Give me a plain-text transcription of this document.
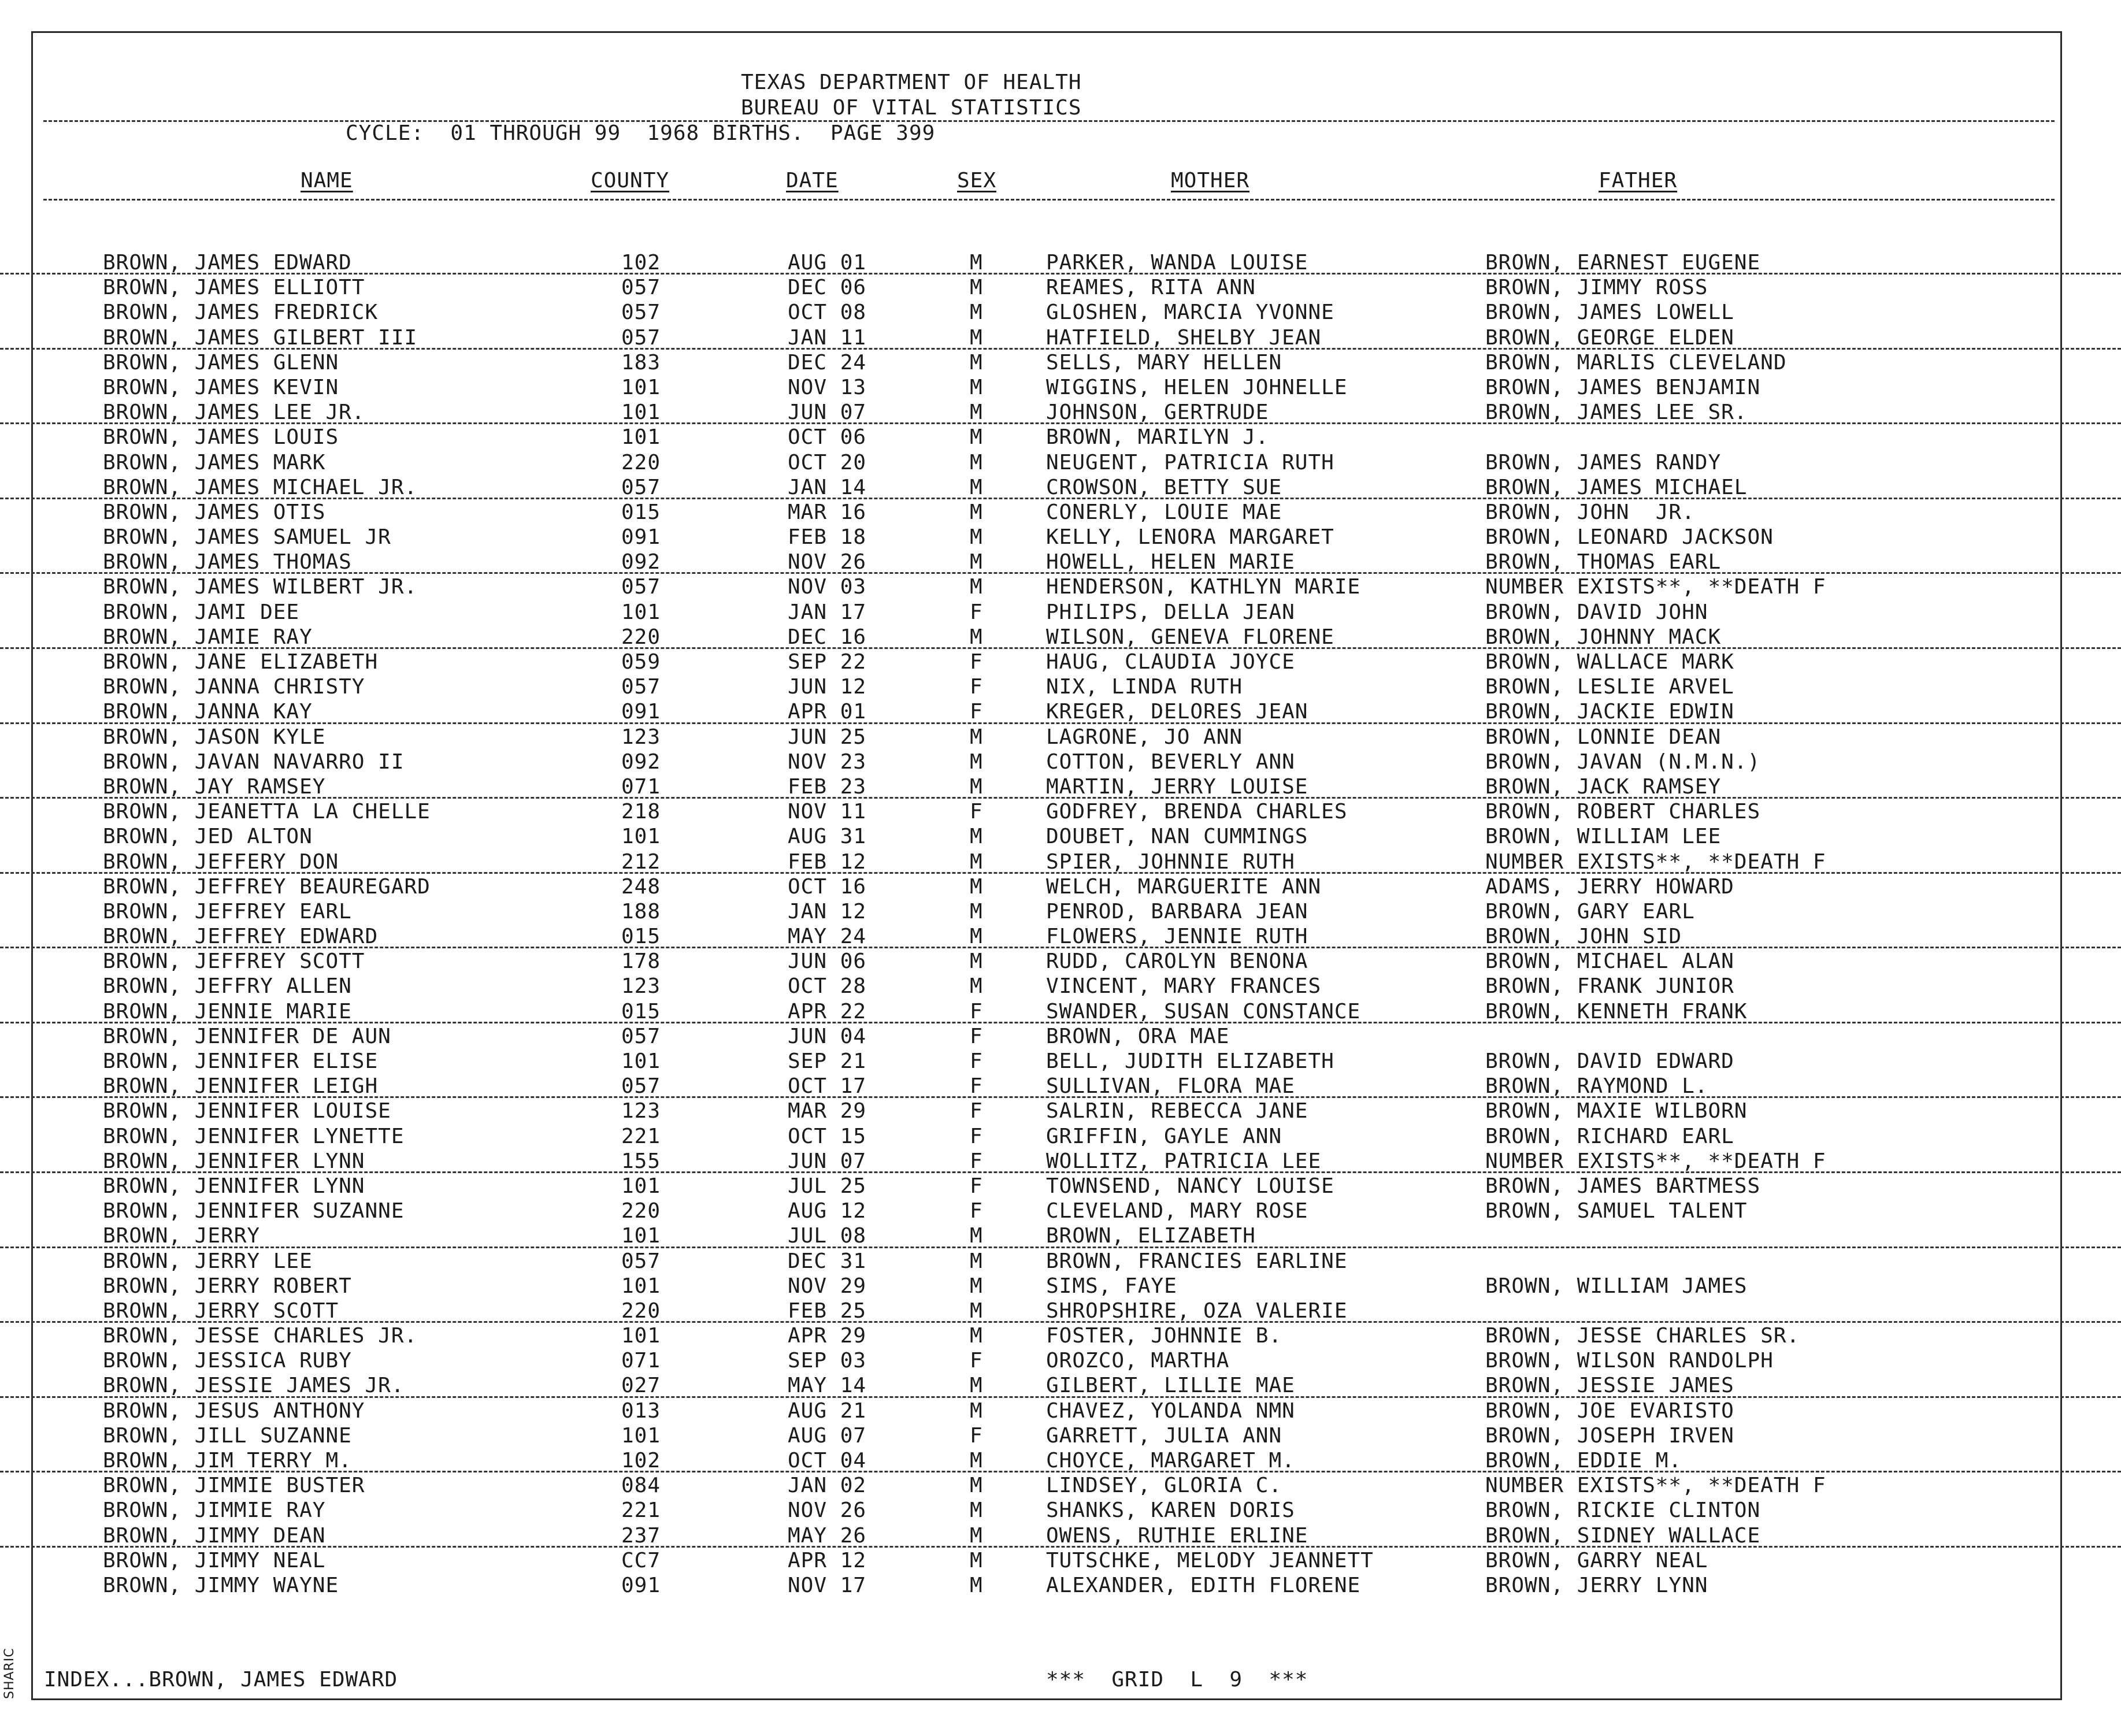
TEXAS DEPARTMENT OF HEALTH
BUREAU OF VITAL STATISTICS
CYCLE:  01 THROUGH 99  1968 BIRTHS.  PAGE 399
NAME	COUNTY	DATE	SEX	MOTHER	FATHER
BROWN, JAMES EDWARD	102	AUG 01	M	PARKER, WANDA LOUISE	BROWN, EARNEST EUGENE
BROWN, JAMES ELLIOTT	057	DEC 06	M	REAMES, RITA ANN	BROWN, JIMMY ROSS
BROWN, JAMES FREDRICK	057	OCT 08	M	GLOSHEN, MARCIA YVONNE	BROWN, JAMES LOWELL
BROWN, JAMES GILBERT III	057	JAN 11	M	HATFIELD, SHELBY JEAN	BROWN, GEORGE ELDEN
BROWN, JAMES GLENN	183	DEC 24	M	SELLS, MARY HELLEN	BROWN, MARLIS CLEVELAND
BROWN, JAMES KEVIN	101	NOV 13	M	WIGGINS, HELEN JOHNELLE	BROWN, JAMES BENJAMIN
BROWN, JAMES LEE JR.	101	JUN 07	M	JOHNSON, GERTRUDE	BROWN, JAMES LEE SR.
BROWN, JAMES LOUIS	101	OCT 06	M	BROWN, MARILYN J.
BROWN, JAMES MARK	220	OCT 20	M	NEUGENT, PATRICIA RUTH	BROWN, JAMES RANDY
BROWN, JAMES MICHAEL JR.	057	JAN 14	M	CROWSON, BETTY SUE	BROWN, JAMES MICHAEL
BROWN, JAMES OTIS	015	MAR 16	M	CONERLY, LOUIE MAE	BROWN, JOHN  JR.
BROWN, JAMES SAMUEL JR	091	FEB 18	M	KELLY, LENORA MARGARET	BROWN, LEONARD JACKSON
BROWN, JAMES THOMAS	092	NOV 26	M	HOWELL, HELEN MARIE	BROWN, THOMAS EARL
BROWN, JAMES WILBERT JR.	057	NOV 03	M	HENDERSON, KATHLYN MARIE	NUMBER EXISTS**, **DEATH F
BROWN, JAMI DEE	101	JAN 17	F	PHILIPS, DELLA JEAN	BROWN, DAVID JOHN
BROWN, JAMIE RAY	220	DEC 16	M	WILSON, GENEVA FLORENE	BROWN, JOHNNY MACK
BROWN, JANE ELIZABETH	059	SEP 22	F	HAUG, CLAUDIA JOYCE	BROWN, WALLACE MARK
BROWN, JANNA CHRISTY	057	JUN 12	F	NIX, LINDA RUTH	BROWN, LESLIE ARVEL
BROWN, JANNA KAY	091	APR 01	F	KREGER, DELORES JEAN	BROWN, JACKIE EDWIN
BROWN, JASON KYLE	123	JUN 25	M	LAGRONE, JO ANN	BROWN, LONNIE DEAN
BROWN, JAVAN NAVARRO II	092	NOV 23	M	COTTON, BEVERLY ANN	BROWN, JAVAN (N.M.N.)
BROWN, JAY RAMSEY	071	FEB 23	M	MARTIN, JERRY LOUISE	BROWN, JACK RAMSEY
BROWN, JEANETTA LA CHELLE	218	NOV 11	F	GODFREY, BRENDA CHARLES	BROWN, ROBERT CHARLES
BROWN, JED ALTON	101	AUG 31	M	DOUBET, NAN CUMMINGS	BROWN, WILLIAM LEE
BROWN, JEFFERY DON	212	FEB 12	M	SPIER, JOHNNIE RUTH	NUMBER EXISTS**, **DEATH F
BROWN, JEFFREY BEAUREGARD	248	OCT 16	M	WELCH, MARGUERITE ANN	ADAMS, JERRY HOWARD
BROWN, JEFFREY EARL	188	JAN 12	M	PENROD, BARBARA JEAN	BROWN, GARY EARL
BROWN, JEFFREY EDWARD	015	MAY 24	M	FLOWERS, JENNIE RUTH	BROWN, JOHN SID
BROWN, JEFFREY SCOTT	178	JUN 06	M	RUDD, CAROLYN BENONA	BROWN, MICHAEL ALAN
BROWN, JEFFRY ALLEN	123	OCT 28	M	VINCENT, MARY FRANCES	BROWN, FRANK JUNIOR
BROWN, JENNIE MARIE	015	APR 22	F	SWANDER, SUSAN CONSTANCE	BROWN, KENNETH FRANK
BROWN, JENNIFER DE AUN	057	JUN 04	F	BROWN, ORA MAE
BROWN, JENNIFER ELISE	101	SEP 21	F	BELL, JUDITH ELIZABETH	BROWN, DAVID EDWARD
BROWN, JENNIFER LEIGH	057	OCT 17	F	SULLIVAN, FLORA MAE	BROWN, RAYMOND L.
BROWN, JENNIFER LOUISE	123	MAR 29	F	SALRIN, REBECCA JANE	BROWN, MAXIE WILBORN
BROWN, JENNIFER LYNETTE	221	OCT 15	F	GRIFFIN, GAYLE ANN	BROWN, RICHARD EARL
BROWN, JENNIFER LYNN	155	JUN 07	F	WOLLITZ, PATRICIA LEE	NUMBER EXISTS**, **DEATH F
BROWN, JENNIFER LYNN	101	JUL 25	F	TOWNSEND, NANCY LOUISE	BROWN, JAMES BARTMESS
BROWN, JENNIFER SUZANNE	220	AUG 12	F	CLEVELAND, MARY ROSE	BROWN, SAMUEL TALENT
BROWN, JERRY	101	JUL 08	M	BROWN, ELIZABETH
BROWN, JERRY LEE	057	DEC 31	M	BROWN, FRANCIES EARLINE
BROWN, JERRY ROBERT	101	NOV 29	M	SIMS, FAYE	BROWN, WILLIAM JAMES
BROWN, JERRY SCOTT	220	FEB 25	M	SHROPSHIRE, OZA VALERIE
BROWN, JESSE CHARLES JR.	101	APR 29	M	FOSTER, JOHNNIE B.	BROWN, JESSE CHARLES SR.
BROWN, JESSICA RUBY	071	SEP 03	F	OROZCO, MARTHA	BROWN, WILSON RANDOLPH
BROWN, JESSIE JAMES JR.	027	MAY 14	M	GILBERT, LILLIE MAE	BROWN, JESSIE JAMES
BROWN, JESUS ANTHONY	013	AUG 21	M	CHAVEZ, YOLANDA NMN	BROWN, JOE EVARISTO
BROWN, JILL SUZANNE	101	AUG 07	F	GARRETT, JULIA ANN	BROWN, JOSEPH IRVEN
BROWN, JIM TERRY M.	102	OCT 04	M	CHOYCE, MARGARET M.	BROWN, EDDIE M.
BROWN, JIMMIE BUSTER	084	JAN 02	M	LINDSEY, GLORIA C.	NUMBER EXISTS**, **DEATH F
BROWN, JIMMIE RAY	221	NOV 26	M	SHANKS, KAREN DORIS	BROWN, RICKIE CLINTON
BROWN, JIMMY DEAN	237	MAY 26	M	OWENS, RUTHIE ERLINE	BROWN, SIDNEY WALLACE
BROWN, JIMMY NEAL	CC7	APR 12	M	TUTSCHKE, MELODY JEANNETT	BROWN, GARRY NEAL
BROWN, JIMMY WAYNE	091	NOV 17	M	ALEXANDER, EDITH FLORENE	BROWN, JERRY LYNN
INDEX...BROWN, JAMES EDWARD	***  GRID  L  9  ***
SHARIC
